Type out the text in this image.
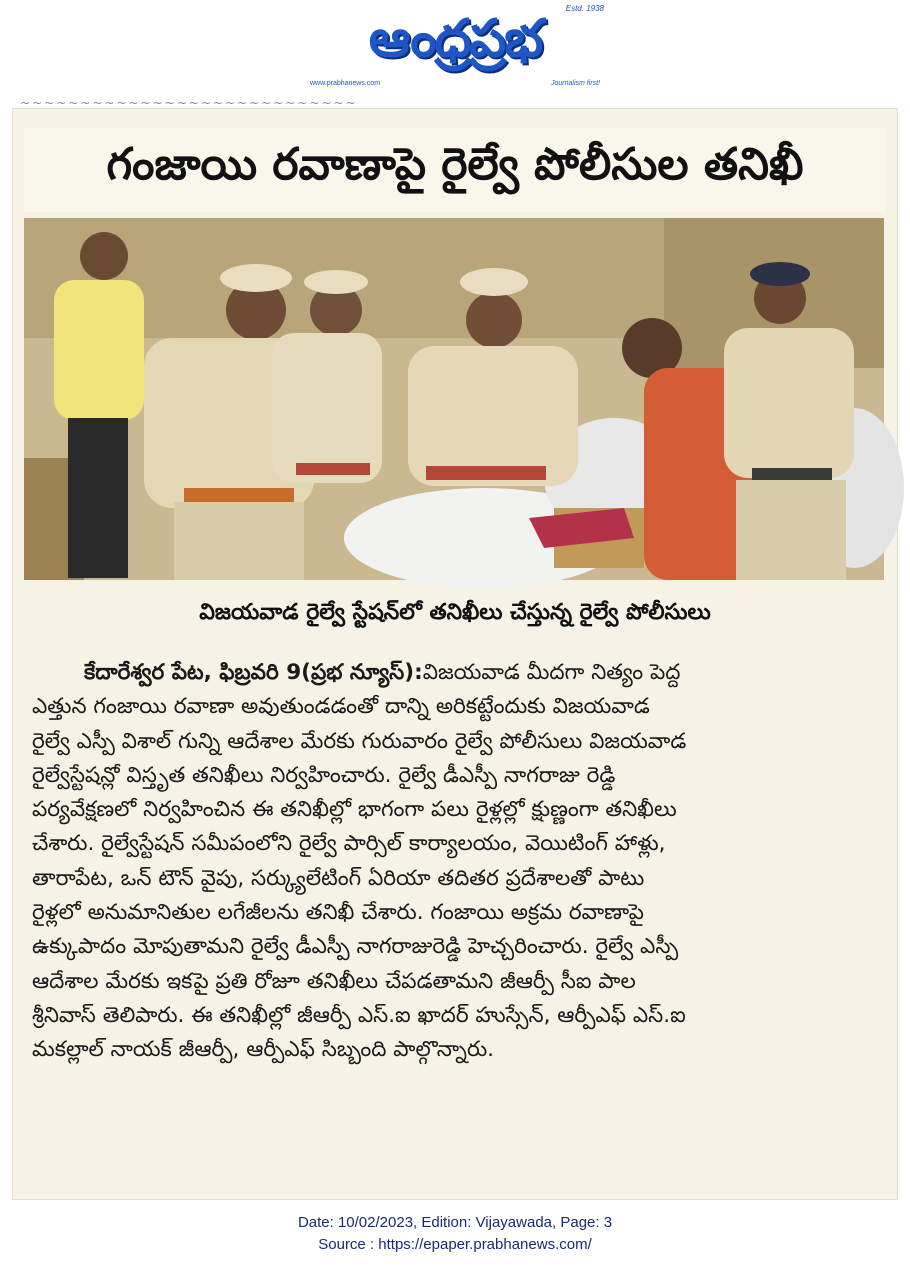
Estd. 1938
ఆంధ్రప్రభ
www.prabhanews.com	Journalism first!
~~~~~~~~~~~~~~~~~~~~~~~~~~~~
గంజాయి రవాణాపై రైల్వే పోలీసుల తనిఖీ
విజయవాడ రైల్వే స్టేషన్‌లో తనిఖీలు చేస్తున్న రైల్వే పోలీసులు
కేదారేశ్వర పేట, ఫిబ్రవరి 9(ప్రభ న్యూస్):విజయవాడ మీదగా నిత్యం పెద్ద
ఎత్తున గంజాయి రవాణా అవుతుండడంతో దాన్ని అరికట్టేందుకు విజయవాడ
రైల్వే ఎస్పీ విశాల్ గున్ని ఆదేశాల మేరకు గురువారం రైల్వే పోలీసులు విజయవాడ
రైల్వేస్టేషన్లో విస్తృత తనిఖీలు నిర్వహించారు. రైల్వే డీఎస్పీ నాగరాజు రెడ్డి
పర్యవేక్షణలో నిర్వహించిన ఈ తనిఖీల్లో భాగంగా పలు రైళ్లల్లో క్షుణ్ణంగా తనిఖీలు
చేశారు. రైల్వేస్టేషన్ సమీపంలోని రైల్వే పార్సిల్ కార్యాలయం, వెయిటింగ్ హాళ్లు,
తారాపేట, ఒన్ టౌన్ వైపు, సర్క్యులేటింగ్ ఏరియా తదితర ప్రదేశాలతో పాటు
రైళ్లలో అనుమానితుల లగేజీలను తనిఖీ చేశారు. గంజాయి అక్రమ రవాణాపై
ఉక్కుపాదం మోపుతామని రైల్వే డీఎస్పీ నాగరాజురెడ్డి హెచ్చరించారు. రైల్వే ఎస్పీ
ఆదేశాల మేరకు ఇకపై ప్రతి రోజూ తనిఖీలు చేపడతామని జీఆర్పీ సీఐ పాల
శ్రీనివాస్ తెలిపారు. ఈ తనిఖీల్లో జీఆర్పీ ఎస్.ఐ ఖాదర్ హుస్సేన్, ఆర్పీఎఫ్ ఎస్.ఐ
మకల్లాల్ నాయక్ జీఆర్పీ, ఆర్పీఎఫ్ సిబ్బంది పాల్గొన్నారు.
Date: 10/02/2023, Edition: Vijayawada, Page: 3
Source : https://epaper.prabhanews.com/
